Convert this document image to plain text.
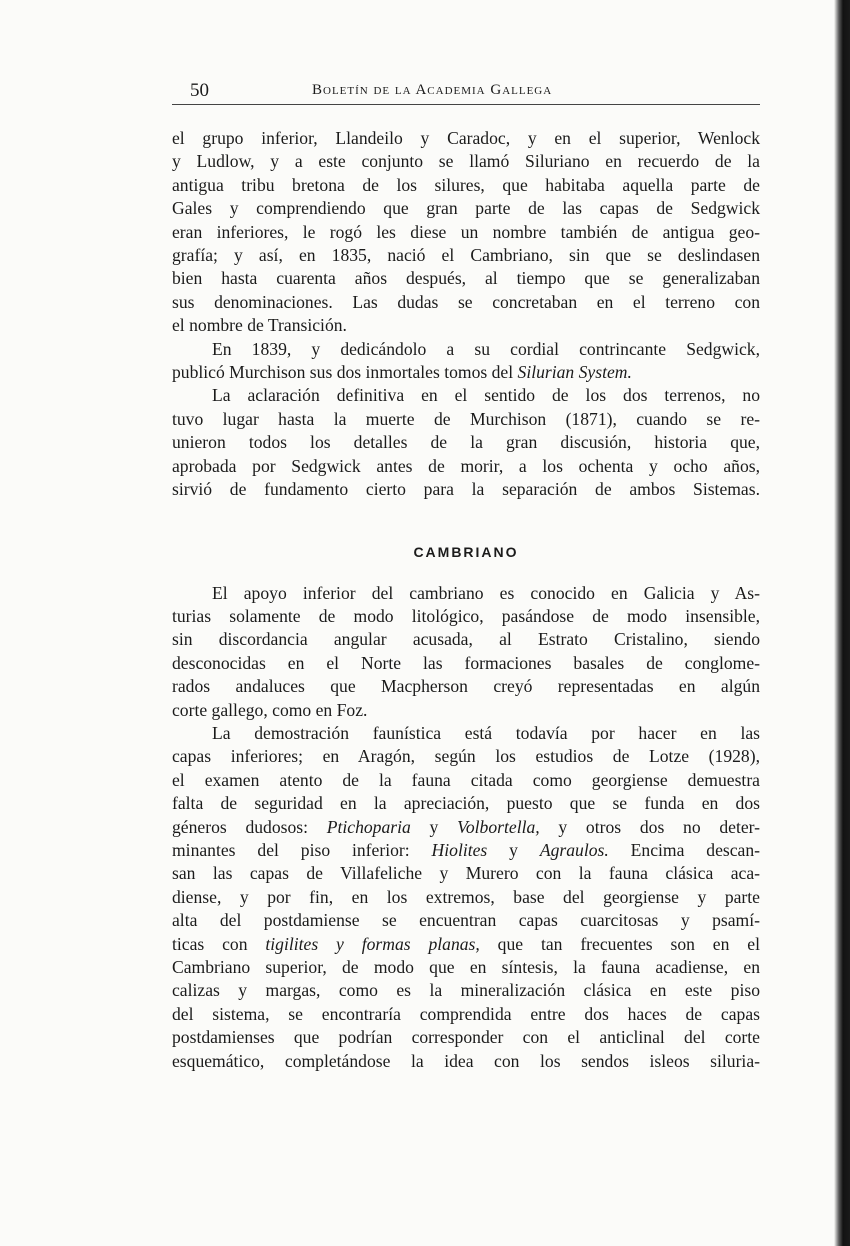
50	Boletín de la Academia Gallega
el grupo inferior, Llandeilo y Caradoc, y en el superior, Wenlock
y Ludlow, y a este conjunto se llamó Siluriano en recuerdo de la
antigua tribu bretona de los silures, que habitaba aquella parte de
Gales y comprendiendo que gran parte de las capas de Sedgwick
eran inferiores, le rogó les diese un nombre también de antigua geo-
grafía; y así, en 1835, nació el Cambriano, sin que se deslindasen
bien hasta cuarenta años después, al tiempo que se generalizaban
sus denominaciones. Las dudas se concretaban en el terreno con
el nombre de Transición.
En 1839, y dedicándolo a su cordial contrincante Sedgwick,
publicó Murchison sus dos inmortales tomos del Silurian System.
La aclaración definitiva en el sentido de los dos terrenos, no
tuvo lugar hasta la muerte de Murchison (1871), cuando se re-
unieron todos los detalles de la gran discusión, historia que,
aprobada por Sedgwick antes de morir, a los ochenta y ocho años,
sirvió de fundamento cierto para la separación de ambos Sistemas.
CAMBRIANO
El apoyo inferior del cambriano es conocido en Galicia y As-
turias solamente de modo litológico, pasándose de modo insensible,
sin discordancia angular acusada, al Estrato Cristalino, siendo
desconocidas en el Norte las formaciones basales de conglome-
rados andaluces que Macpherson creyó representadas en algún
corte gallego, como en Foz.
La demostración faunística está todavía por hacer en las
capas inferiores; en Aragón, según los estudios de Lotze (1928),
el examen atento de la fauna citada como georgiense demuestra
falta de seguridad en la apreciación, puesto que se funda en dos
géneros dudosos: Ptichoparia y Volbortella, y otros dos no deter-
minantes del piso inferior: Hiolites y Agraulos. Encima descan-
san las capas de Villafeliche y Murero con la fauna clásica aca-
diense, y por fin, en los extremos, base del georgiense y parte
alta del postdamiense se encuentran capas cuarcitosas y psamí-
ticas con tigilites y formas planas, que tan frecuentes son en el
Cambriano superior, de modo que en síntesis, la fauna acadiense, en
calizas y margas, como es la mineralización clásica en este piso
del sistema, se encontraría comprendida entre dos haces de capas
postdamienses que podrían corresponder con el anticlinal del corte
esquemático, completándose la idea con los sendos isleos siluria-
